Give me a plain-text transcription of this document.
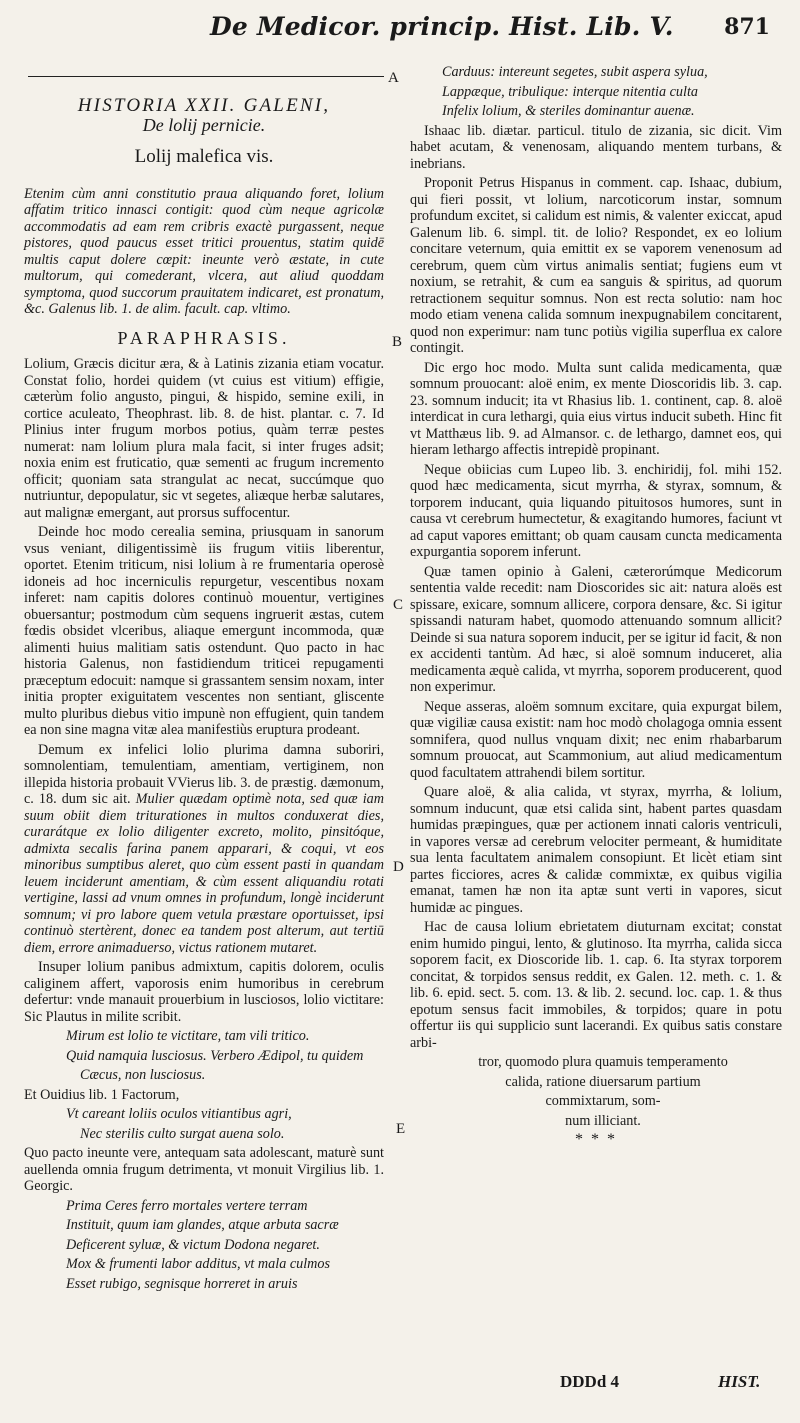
De Medicor. princip. Hist. Lib. V. 871
A
B
C
D
E
HISTORIA XXII. GALENI,
De lolij pernicie.
Lolij malefica vis.

Etenim cùm anni constitutio praua aliquando foret, lolium affatim tritico innasci contigit: quod cùm neque agricolæ accommodatis ad eam rem cribris exactè purgassent, neque pistores, quod paucus esset tritici prouentus, statim quidē multis caput dolere cœpit: ineunte verò æstate, in cute multorum, qui comederant, vlcera, aut aliud quoddam symptoma, quod succorum prauitatem indicaret, est pronatum, &c. Galenus lib. 1. de alim. facult. cap. vltimo.

PARAPHRASIS.

Lolium, Græcis dicitur æra, & à Latinis zizania etiam vocatur. Constat folio, hordei quidem (vt cuius est vitium) effigie, cæterùm folio angusto, pingui, & hispido, semine exili, in cortice aculeato, Theophrast. lib. 8. de hist. plantar. c. 7. Id Plinius inter frugum morbos potius, quàm terræ pestes numerat: nam lolium plura mala facit, si inter fruges adsit; noxia enim est fruticatio, quæ sementi ac frugum incremento officit; quoniam sata strangulat ac necat, succúmque quo nutriuntur, depopulatur, sic vt segetes, aliæque herbæ salutares, aut malignæ emergant, aut prorsus suffocentur.

Deinde hoc modo cerealia semina, priusquam in sanorum vsus veniant, diligentissimè iis frugum vitiis liberentur, oportet. Etenim triticum, nisi lolium à re frumentaria operosè idoneis ad hoc incerniculis repurgetur, vescentibus noxam inferet: nam capitis dolores continuò mouentur, vertigines obuersantur; postmodum cùm sequens ingruerit æstas, cutem fœdis obsidet vlceribus, aliaque emergunt incommoda, quæ alimenti huius malitiam satis ostendunt. Quo pacto in hac historia Galenus, non fastidiendum triticei repugamenti præceptum edocuit: namque si grassantem sensim noxam, inter initia propter exiguitatem vescentes non sentiant, gliscente multo pluribus diebus vitio impunè non effugient, quin tandem ea non sine magna vitæ alea manifestiùs eruptura prodeant.

Demum ex infelici lolio plurima damna suboriri, somnolentiam, temulentiam, amentiam, vertiginem, non illepida historia probauit VVierus lib. 3. de præstig. dæmonum, c. 18. dum sic ait. Mulier quædam optimè nota, sed quæ iam suum obiit diem triturationes in multos conduxerat dies, curarátque ex lolio diligenter excreto, molito, pinsitóque, admixta secalis farina panem apparari, & coqui, vt eos minoribus sumptibus aleret, quo cùm essent pasti in quandam leuem inciderunt amentiam, & cùm essent aliquandiu rotati vertigine, lassi ad vnum omnes in profundum, longè inciderunt somnum; vi pro labore quem vetula præstare oportuisset, ipsi continuò stertèrent, donec ea tandem post alterum, aut tertiū diem, errore animaduerso, victus rationem mutaret.

Insuper lolium panibus admixtum, capitis dolorem, oculis caliginem affert, vaporosis enim humoribus in cerebrum defertur: vnde manauit prouerbium in lusciosos, lolio victitare: Sic Plautus in milite scribit.

Mirum est lolio te victitare, tam vili tritico.

Quid namquia lusciosus. Verbero Ædipol, tu quidem

Cæcus, non lusciosus.

Et Ouidius lib. 1 Factorum,

Vt careant loliis oculos vitiantibus agri,

Nec sterilis culto surgat auena solo.

Quo pacto ineunte vere, antequam sata adolescant, maturè sunt auellenda omnia frugum detrimenta, vt monuit Virgilius lib. 1. Georgic.

Prima Ceres ferro mortales vertere terram

Instituit, quum iam glandes, atque arbuta sacræ

Deficerent syluæ, & victum Dodona negaret.

Mox & frumenti labor additus, vt mala culmos

Esset rubigo, segnisque horreret in aruis

Carduus: intereunt segetes, subit aspera sylua,

Lappæque, tribulique: interque nitentia culta

Infelix lolium, & steriles dominantur auenæ.

Ishaac lib. diætar. particul. titulo de zizania, sic dicit. Vim habet acutam, & venenosam, aliquando mentem turbans, & inebrians.

Proponit Petrus Hispanus in comment. cap. Ishaac, dubium, qui fieri possit, vt lolium, narcoticorum instar, somnum profundum excitet, si calidum est nimis, & valenter exiccat, apud Galenum lib. 6. simpl. tit. de lolio? Respondet, ex eo lolium concitare veternum, quia emittit ex se vaporem venenosum ad cerebrum, quem cùm virtus animalis sentiat; fugiens eum vt noxium, se retrahit, & cum ea sanguis & spiritus, ad quorum retractionem sequitur somnus. Non est recta solutio: nam hoc modo etiam venena calida somnum inexpugnabilem concitarent, quod non experimur: nam tunc potiùs vigilia superflua ex calore contingit.

Dic ergo hoc modo. Multa sunt calida medicamenta, quæ somnum prouocant: aloë enim, ex mente Dioscoridis lib. 3. cap. 23. somnum inducit; ita vt Rhasius lib. 1. continent, cap. 8. aloë interdicat in cura lethargi, quia eius virtus inducit subeth. Hinc fit vt Matthæus lib. 9. ad Almansor. c. de lethargo, damnet eos, qui hieram lethargo affectis intrepidè propinant.

Neque obiicias cum Lupeo lib. 3. enchiridij, fol. mihi 152. quod hæc medicamenta, sicut myrrha, & styrax, somnum, & torporem inducant, quia liquando pituitosos humores, sunt in causa vt cerebrum humectetur, & exagitando humores, faciunt vt ad caput vapores emittant; ob quam causam cuncta medicamenta expurgantia soporem inferunt.

Quæ tamen opinio à Galeni, cæterorúmque Medicorum sententia valde recedit: nam Dioscorides sic ait: natura aloës est spissare, exicare, somnum allicere, corpora densare, &c. Si igitur spissandi naturam habet, quomodo attenuando somnum allicit? Deinde si sua natura soporem inducit, per se igitur id facit, & non ex accidenti tantùm. Ad hæc, si aloë somnum induceret, alia medicamenta æquè calida, vt myrrha, soporem producerent, quod non experimur.

Neque asseras, aloëm somnum excitare, quia expurgat bilem, quæ vigiliæ causa existit: nam hoc modò cholagoga omnia essent somnifera, quod nullus vnquam dixit; nec enim rhabarbarum somnum prouocat, aut Scammonium, aut aliud medicamentum quod facultatem attrahendi bilem sortitur.

Quare aloë, & alia calida, vt styrax, myrrha, & lolium, somnum inducunt, quæ etsi calida sint, habent partes quasdam humidas præpingues, quæ per actionem innati caloris ventriculi, in vapores versæ ad cerebrum velociter permeant, & humiditate sua lenta facultatem animalem consopiunt. Et licèt etiam sint partes ficciores, acres & calidæ commixtæ, ex quibus vigilia emanat, tamen hæ non ita aptæ sunt verti in vapores, sicut humidæ ac pingues.

Hac de causa lolium ebrietatem diuturnam excitat; constat enim humido pingui, lento, & glutinoso. Ita myrrha, calida sicca soporem facit, ex Dioscoride lib. 1. cap. 6. Ita styrax torporem concitat, & torpidos sensus reddit, ex Galen. 12. meth. c. 1. & lib. 6. epid. sect. 5. com. 13. & lib. 2. secund. loc. cap. 1. & thus epotum sensus facit immobiles, & torpidos; quare in potu offertur iis qui supplicio sunt lacerandi. Ex quibus satis constare arbi-

tror, quomodo plura quamuis temperamento

calida, ratione diuersarum partium

commixtarum, som-

num illiciant.

* * *
DDDd 4	HIST.
